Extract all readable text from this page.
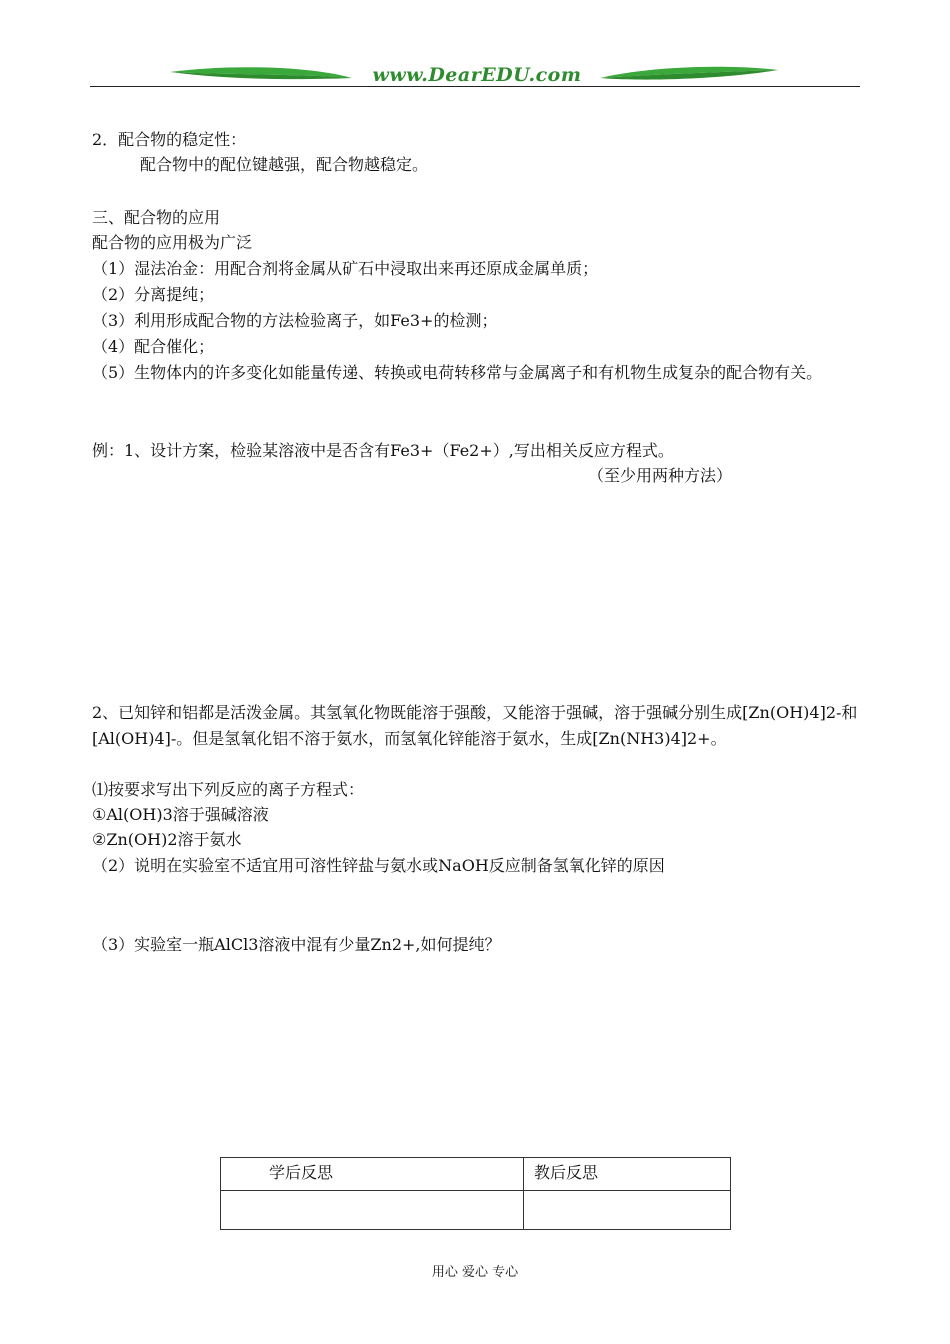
www.DearEDU.com
2．配合物的稳定性：
配合物中的配位键越强，配合物越稳定。
三、配合物的应用
配合物的应用极为广泛
（1）湿法冶金：用配合剂将金属从矿石中浸取出来再还原成金属单质；
（2）分离提纯；
（3）利用形成配合物的方法检验离子，如Fe3+的检测；
（4）配合催化；
（5）生物体内的许多变化如能量传递、转换或电荷转移常与金属离子和有机物生成复杂的配合物有关。
例：1、设计方案，检验某溶液中是否含有Fe3+（Fe2+）,写出相关反应方程式。
（至少用两种方法）
2、已知锌和铝都是活泼金属。其氢氧化物既能溶于强酸，又能溶于强碱，溶于强碱分别生成[Zn(OH)4]2-和[Al(OH)4]-。但是氢氧化铝不溶于氨水，而氢氧化锌能溶于氨水，生成[Zn(NH3)4]2+。
⑴按要求写出下列反应的离子方程式：
①Al(OH)3溶于强碱溶液
②Zn(OH)2溶于氨水
（2）说明在实验室不适宜用可溶性锌盐与氨水或NaOH反应制备氢氧化锌的原因
（3）实验室一瓶AlCl3溶液中混有少量Zn2+,如何提纯？
学后反思	教后反思

用心 爱心 专心
